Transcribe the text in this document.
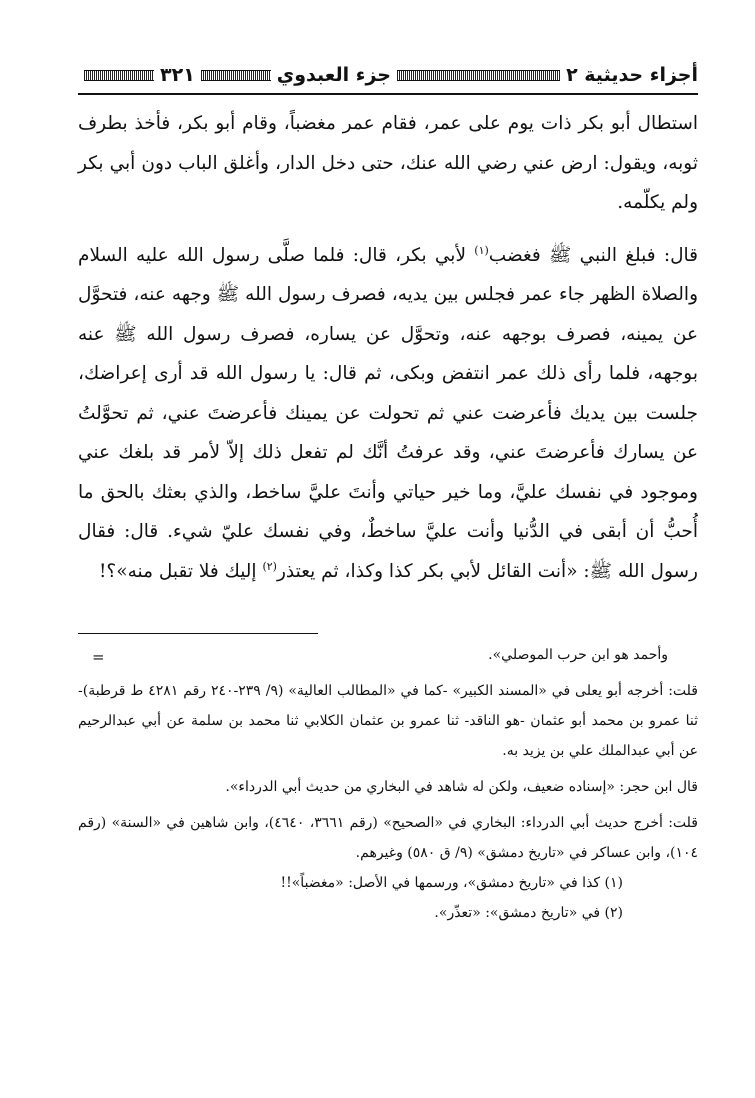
أجزاء حديثية ٢
جزء العبدوي
٣٢١

استطال أبو بكر ذات يوم على عمر، فقام عمر مغضباً، وقام أبو بكر، فأخذ بطرف ثوبه، ويقول: ارض عني رضي الله عنك، حتى دخل الدار، وأغلق الباب دون أبي بكر ولم يكلّمه.

قال: فبلغ النبي ﷺ فغضب$^{(١)}$ لأبي بكر، قال: فلما صلَّى رسول الله عليه السلام والصلاة الظهر جاء عمر فجلس بين يديه، فصرف رسول الله ﷺ وجهه عنه، فتحوَّل عن يمينه، فصرف بوجهه عنه، وتحوَّل عن يساره، فصرف رسول الله ﷺ عنه بوجهه، فلما رأى ذلك عمر انتفض وبكى، ثم قال: يا رسول الله قد أرى إعراضك، جلست بين يديك فأعرضت عني ثم تحولت عن يمينك فأعرضتَ عني، ثم تحوَّلتُ عن يسارك فأعرضتَ عني، وقد عرفتُ أنَّك لم تفعل ذلك إلاّ لأمر قد بلغك عني وموجود في نفسك عليَّ، وما خير حياتي وأنتَ عليَّ ساخط، والذي بعثك بالحق ما أُحبُّ أن أبقى في الدُّنيا وأنت عليَّ ساخطٌ، وفي نفسك عليّ شيء. قال: فقال رسول الله ﷺ: «أنت القائل لأبي بكر كذا وكذا، ثم يعتذر$^{(٢)}$ إليك فلا تقبل منه»؟!

=	وأحمد هو ابن حرب الموصلي».

قلت: أخرجه أبو يعلى في «المسند الكبير» -كما في «المطالب العالية» (٩/ ٢٣٩-٢٤٠ رقم ٤٢٨١ ط قرطبة)- ثنا عمرو بن محمد أبو عثمان -هو الناقد- ثنا عمرو بن عثمان الكلابي ثنا محمد بن سلمة عن أبي عبدالرحيم عن أبي عبدالملك علي بن يزيد به.

قال ابن حجر: «إسناده ضعيف، ولكن له شاهد في البخاري من حديث أبي الدرداء».

قلت: أخرج حديث أبي الدرداء: البخاري في «الصحيح» (رقم ٣٦٦١، ٤٦٤٠)، وابن شاهين في «السنة» (رقم ١٠٤)، وابن عساكر في «تاريخ دمشق» (٩/ ق ٥٨٠) وغيرهم.

(١) كذا في «تاريخ دمشق»، ورسمها في الأصل: «مغضباً»!!

(٢) في «تاريخ دمشق»: «تعذّر».
